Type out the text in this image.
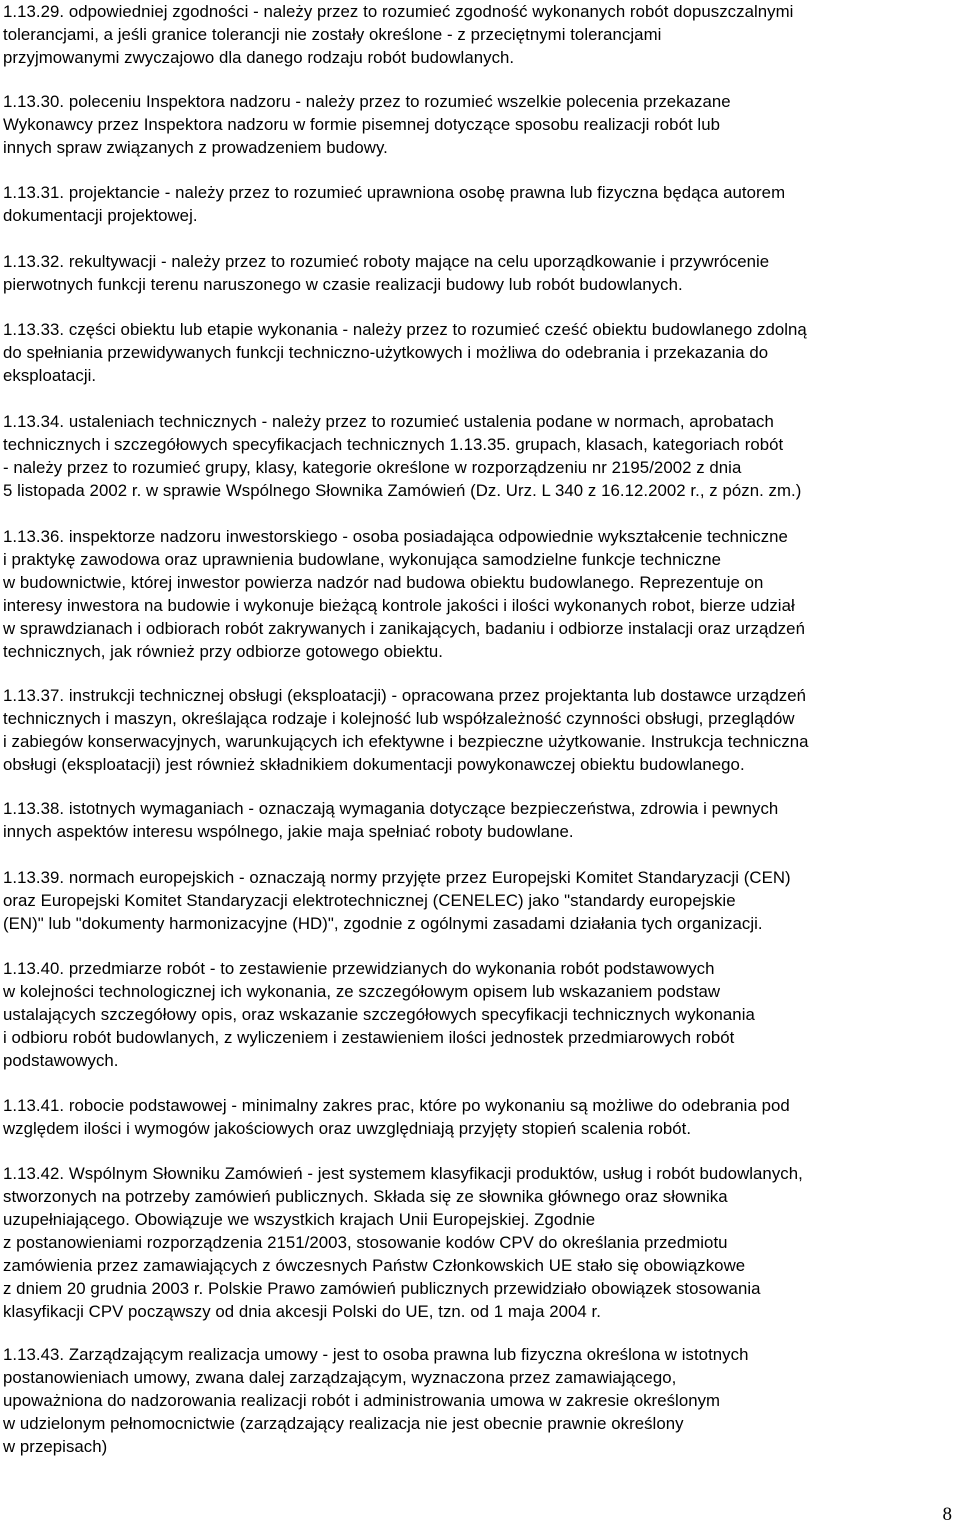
1.13.29. odpowiedniej zgodności - należy przez to rozumieć zgodność wykonanych robót dopuszczalnymi
tolerancjami, a jeśli granice tolerancji nie zostały określone - z przeciętnymi tolerancjami
przyjmowanymi zwyczajowo dla danego rodzaju robót budowlanych.
1.13.30. poleceniu Inspektora nadzoru - należy przez to rozumieć wszelkie polecenia przekazane
Wykonawcy przez Inspektora nadzoru w formie pisemnej dotyczące sposobu realizacji robót lub
innych spraw związanych z prowadzeniem budowy.
1.13.31. projektancie - należy przez to rozumieć uprawniona osobę prawna lub fizyczna będąca autorem
dokumentacji projektowej.
1.13.32. rekultywacji - należy przez to rozumieć roboty mające na celu uporządkowanie i przywrócenie
pierwotnych funkcji terenu naruszonego w czasie realizacji budowy lub robót budowlanych.
1.13.33. części obiektu lub etapie wykonania - należy przez to rozumieć cześć obiektu budowlanego zdolną
do spełniania przewidywanych funkcji techniczno-użytkowych i możliwa do odebrania i przekazania do
eksploatacji.
1.13.34. ustaleniach technicznych - należy przez to rozumieć ustalenia podane w normach, aprobatach
technicznych i szczegółowych specyfikacjach technicznych 1.13.35. grupach, klasach, kategoriach robót
- należy przez to rozumieć grupy, klasy, kategorie określone w rozporządzeniu nr 2195/2002 z dnia
5 listopada 2002 r. w sprawie Wspólnego Słownika Zamówień (Dz. Urz. L 340 z 16.12.2002 r., z pózn. zm.)
1.13.36. inspektorze nadzoru inwestorskiego - osoba posiadająca odpowiednie wykształcenie techniczne
i praktykę zawodowa oraz uprawnienia budowlane, wykonująca samodzielne funkcje techniczne
w budownictwie, której inwestor powierza nadzór nad budowa obiektu budowlanego. Reprezentuje on
interesy inwestora na budowie i wykonuje bieżącą kontrole jakości i ilości wykonanych robot, bierze udział
w sprawdzianach i odbiorach robót zakrywanych i zanikających, badaniu i odbiorze instalacji oraz urządzeń
technicznych, jak również przy odbiorze gotowego obiektu.
1.13.37. instrukcji technicznej obsługi (eksploatacji) - opracowana przez projektanta lub dostawce urządzeń
technicznych i maszyn, określająca rodzaje i kolejność lub współzależność czynności obsługi, przeglądów
i zabiegów konserwacyjnych, warunkujących ich efektywne i bezpieczne użytkowanie. Instrukcja techniczna
obsługi (eksploatacji) jest również składnikiem dokumentacji powykonawczej obiektu budowlanego.
1.13.38. istotnych wymaganiach - oznaczają wymagania dotyczące bezpieczeństwa, zdrowia i pewnych
innych aspektów interesu wspólnego, jakie maja spełniać roboty budowlane.
1.13.39. normach europejskich - oznaczają normy przyjęte przez Europejski Komitet Standaryzacji (CEN)
oraz Europejski Komitet Standaryzacji elektrotechnicznej (CENELEC) jako "standardy europejskie
(EN)" lub "dokumenty harmonizacyjne (HD)", zgodnie z ogólnymi zasadami działania tych organizacji.
1.13.40. przedmiarze robót - to zestawienie przewidzianych do wykonania robót podstawowych
w kolejności technologicznej ich wykonania, ze szczegółowym opisem lub wskazaniem podstaw
ustalających szczegółowy opis, oraz wskazanie szczegółowych specyfikacji technicznych wykonania
i odbioru robót budowlanych, z wyliczeniem i zestawieniem ilości jednostek przedmiarowych robót
podstawowych.
1.13.41. robocie podstawowej - minimalny zakres prac, które po wykonaniu są możliwe do odebrania pod
względem ilości i wymogów jakościowych oraz uwzględniają przyjęty stopień scalenia robót.
1.13.42. Wspólnym Słowniku Zamówień - jest systemem klasyfikacji produktów, usług i robót budowlanych,
stworzonych na potrzeby zamówień publicznych. Składa się ze słownika głównego oraz słownika
uzupełniającego. Obowiązuje we wszystkich krajach Unii Europejskiej. Zgodnie
z postanowieniami rozporządzenia 2151/2003, stosowanie kodów CPV do określania przedmiotu
zamówienia przez zamawiających z ówczesnych Państw Członkowskich UE stało się obowiązkowe
z dniem 20 grudnia 2003 r. Polskie Prawo zamówień publicznych przewidziało obowiązek stosowania
klasyfikacji CPV począwszy od dnia akcesji Polski do UE, tzn. od 1 maja 2004 r.
1.13.43. Zarządzającym realizacja umowy - jest to osoba prawna lub fizyczna określona w istotnych
postanowieniach umowy, zwana dalej zarządzającym, wyznaczona przez zamawiającego,
upoważniona do nadzorowania realizacji robót i administrowania umowa w zakresie określonym
w udzielonym pełnomocnictwie (zarządzający realizacja nie jest obecnie prawnie określony
w przepisach)
8
